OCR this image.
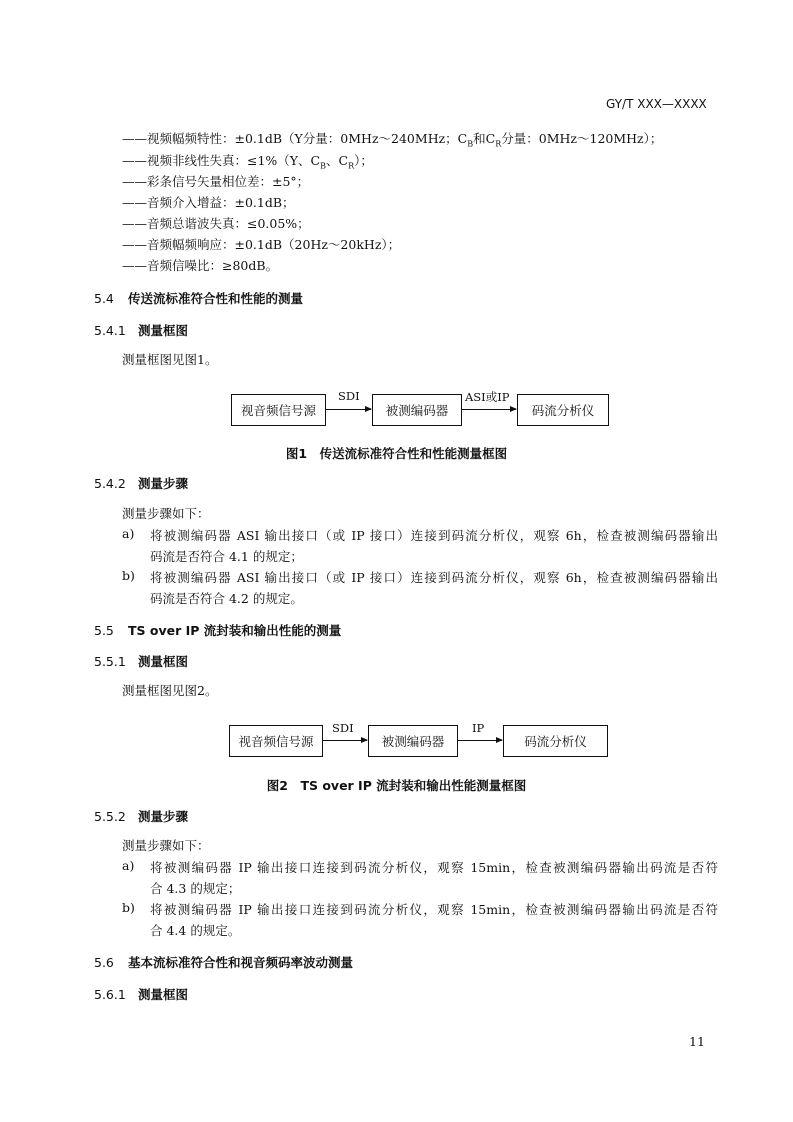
GY/T XXX—XXXX
——视频幅频特性：±0.1dB（Y分量：0MHz～240MHz；$C_B$和$C_R$分量：0MHz～120MHz）；
——视频非线性失真：≤1%（Y、$C_B$、$C_R$）；
——彩条信号矢量相位差：±5°；
——音频介入增益：±0.1dB；
——音频总谐波失真：≤0.05%；
——音频幅频响应：±0.1dB（20Hz～20kHz）；
——音频信噪比：≥80dB。
5.4 传送流标准符合性和性能的测量
5.4.1 测量框图
测量框图见图1。
视音频信号源
SDI
被测编码器
ASI或IP
码流分析仪
图1　传送流标准符合性和性能测量框图
5.4.2 测量步骤
测量步骤如下：
a) 将被测编码器 ASI 输出接口（或 IP 接口）连接到码流分析仪，观察 6h，检查被测编码器输出
码流是否符合 4.1 的规定；
b) 将被测编码器 ASI 输出接口（或 IP 接口）连接到码流分析仪，观察 6h，检查被测编码器输出
码流是否符合 4.2 的规定。
5.5 TS over IP 流封装和输出性能的测量
5.5.1 测量框图
测量框图见图2。
视音频信号源
SDI
被测编码器
IP
码流分析仪
图2　TS over IP 流封装和输出性能测量框图
5.5.2 测量步骤
测量步骤如下：
a) 将被测编码器 IP 输出接口连接到码流分析仪，观察 15min，检查被测编码器输出码流是否符
合 4.3 的规定；
b) 将被测编码器 IP 输出接口连接到码流分析仪，观察 15min，检查被测编码器输出码流是否符
合 4.4 的规定。
5.6 基本流标准符合性和视音频码率波动测量
5.6.1 测量框图
11
